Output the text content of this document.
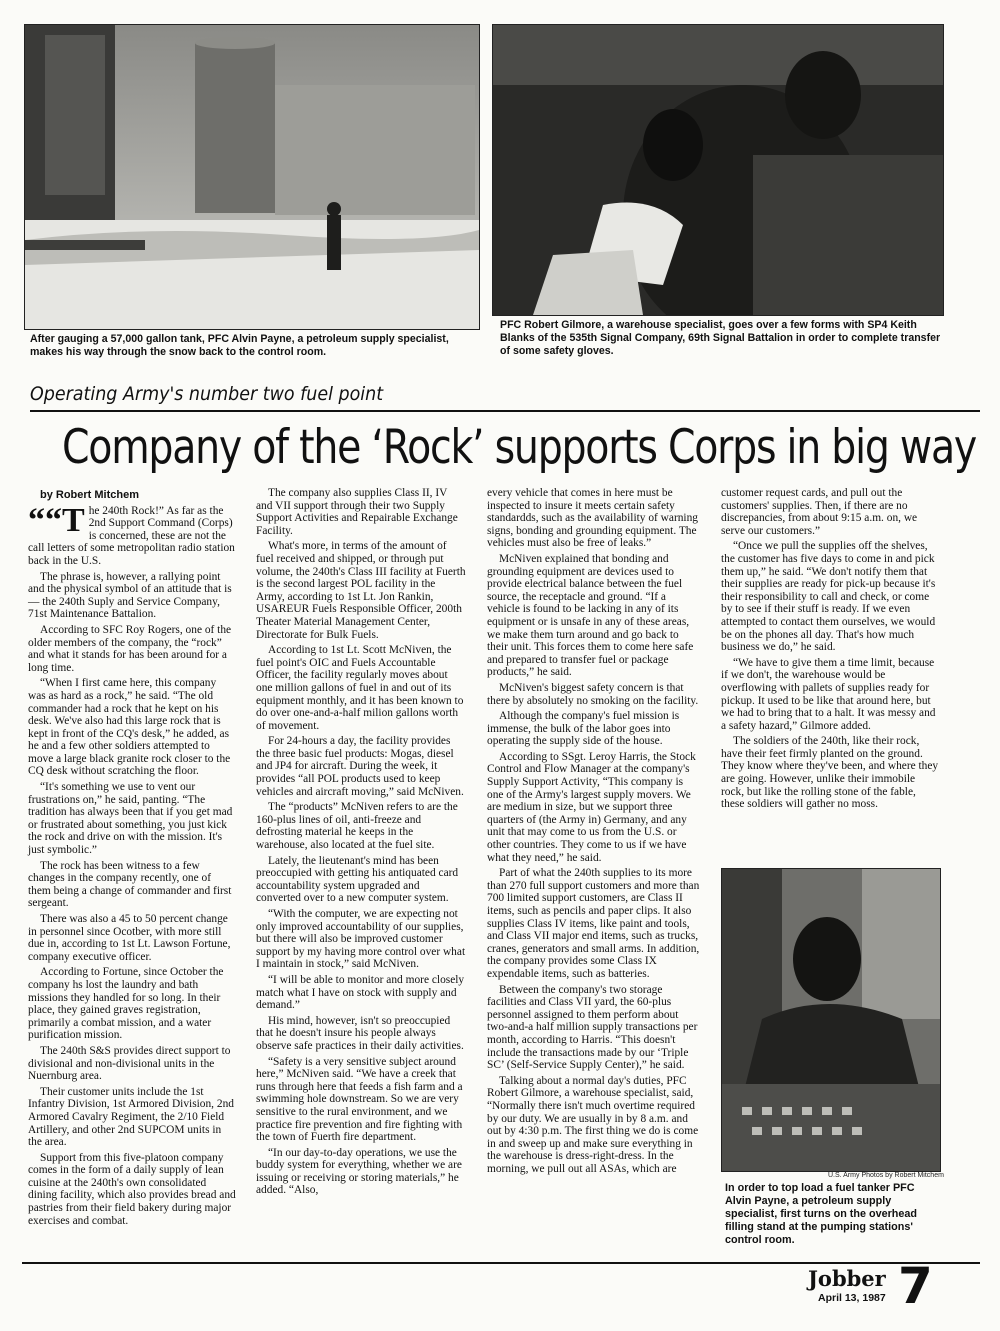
After gauging a 57,000 gallon tank, PFC Alvin Payne, a petroleum supply specialist, makes his way through the snow back to the control room.

PFC Robert Gilmore, a warehouse specialist, goes over a few forms with SP4 Keith Blanks of the 535th Signal Company, 69th Signal Battalion in order to complete transfer of some safety gloves.

Operating Army's number two fuel point

Company of the ‘Rock’ supports Corps in big way

by Robert Mitchem

““T he 240th Rock!” As far as the 2nd Support Command (Corps) is concerned, these are not the call letters of some metropolitan radio station back in the U.S.

The phrase is, however, a rallying point and the physical symbol of an attitude that is — the 240th Suply and Service Company, 71st Maintenance Battalion.

According to SFC Roy Rogers, one of the older members of the company, the “rock” and what it stands for has been around for a long time.

“When I first came here, this company was as hard as a rock,” he said. “The old commander had a rock that he kept on his desk. We've also had this large rock that is kept in front of the CQ's desk,” he added, as he and a few other soldiers attempted to move a large black granite rock closer to the CQ desk without scratching the floor.

“It's something we use to vent our frustrations on,” he said, panting. “The tradition has always been that if you get mad or frustrated about something, you just kick the rock and drive on with the mission. It's just symbolic.”

The rock has been witness to a few changes in the company recently, one of them being a change of commander and first sergeant.

There was also a 45 to 50 percent change in personnel since Ocotber, with more still due in, according to 1st Lt. Lawson Fortune, company executive officer.

According to Fortune, since October the company hs lost the laundry and bath missions they handled for so long. In their place, they gained graves registration, primarily a combat mission, and a water purification mission.

The 240th S&S provides direct support to divisional and non-divisional units in the Nuernburg area.

Their customer units include the 1st Infantry Division, 1st Armored Division, 2nd Armored Cavalry Regiment, the 2/10 Field Artillery, and other 2nd SUPCOM units in the area.

Support from this five-platoon company comes in the form of a daily supply of lean cuisine at the 240th's own consolidated dining facility, which also provides bread and pastries from their field bakery during major exercises and combat.

The company also supplies Class II, IV and VII support through their two Supply Support Activities and Repairable Exchange Facility.

What's more, in terms of the amount of fuel received and shipped, or through put volume, the 240th's Class III facility at Fuerth is the second largest POL facility in the Army, according to 1st Lt. Jon Rankin, USAREUR Fuels Responsible Officer, 200th Theater Material Management Center, Directorate for Bulk Fuels.

According to 1st Lt. Scott McNiven, the fuel point's OIC and Fuels Accountable Officer, the facility regularly moves about one million gallons of fuel in and out of its equipment monthly, and it has been known to do over one-and-a-half milion gallons worth of movement.

For 24-hours a day, the facility provides the three basic fuel products: Mogas, diesel and JP4 for aircraft. During the week, it provides “all POL products used to keep vehicles and aircraft moving,” said McNiven.

The “products” McNiven refers to are the 160-plus lines of oil, anti-freeze and defrosting material he keeps in the warehouse, also located at the fuel site.

Lately, the lieutenant's mind has been preoccupied with getting his antiquated card accountability system upgraded and converted over to a new computer system.

“With the computer, we are expecting not only improved accountability of our supplies, but there will also be improved customer support by my having more control over what I maintain in stock,” said McNiven.

“I will be able to monitor and more closely match what I have on stock with supply and demand.”

His mind, however, isn't so preoccupied that he doesn't insure his people always observe safe practices in their daily activities.

“Safety is a very sensitive subject around here,” McNiven said. “We have a creek that runs through here that feeds a fish farm and a swimming hole downstream. So we are very sensitive to the rural environment, and we practice fire prevention and fire fighting with the town of Fuerth fire department.

“In our day-to-day operations, we use the buddy system for everything, whether we are issuing or receiving or storing materials,” he added. “Also,

every vehicle that comes in here must be inspected to insure it meets certain safety standardds, such as the availability of warning signs, bonding and grounding equipment. The vehicles must also be free of leaks.”

McNiven explained that bonding and grounding equipment are devices used to provide electrical balance between the fuel source, the receptacle and ground. “If a vehicle is found to be lacking in any of its equipment or is unsafe in any of these areas, we make them turn around and go back to their unit. This forces them to come here safe and prepared to transfer fuel or package products,” he said.

McNiven's biggest safety concern is that there by absolutely no smoking on the facility.

Although the company's fuel mission is immense, the bulk of the labor goes into operating the supply side of the house.

According to SSgt. Leroy Harris, the Stock Control and Flow Manager at the company's Supply Support Activity, “This company is one of the Army's largest supply movers. We are medium in size, but we support three quarters of (the Army in) Germany, and any unit that may come to us from the U.S. or other countries. They come to us if we have what they need,” he said.

Part of what the 240th supplies to its more than 270 full support customers and more than 700 limited support customers, are Class II items, such as pencils and paper clips. It also supplies Class IV items, like paint and tools, and Class VII major end items, such as trucks, cranes, generators and small arms. In addition, the company provides some Class IX expendable items, such as batteries.

Between the company's two storage facilities and Class VII yard, the 60-plus personnel assigned to them perform about two-and-a half million supply transactions per month, according to Harris. “This doesn't include the transactions made by our ‘Triple SC’ (Self-Service Supply Center),” he said.

Talking about a normal day's duties, PFC Robert Gilmore, a warehouse specialist, said, “Normally there isn't much overtime required by our duty. We are usually in by 8 a.m. and out by 4:30 p.m. The first thing we do is come in and sweep up and make sure everything in the warehouse is dress-right-dress. In the morning, we pull out all ASAs, which are

customer request cards, and pull out the customers' supplies. Then, if there are no discrepancies, from about 9:15 a.m. on, we serve our customers.”

“Once we pull the supplies off the shelves, the customer has five days to come in and pick them up,” he said. “We don't notify them that their supplies are ready for pick-up because it's their responsibility to call and check, or come by to see if their stuff is ready. If we even attempted to contact them ourselves, we would be on the phones all day. That's how much business we do,” he said.

“We have to give them a time limit, because if we don't, the warehouse would be overflowing with pallets of supplies ready for pickup. It used to be like that around here, but we had to bring that to a halt. It was messy and a safety hazard,” Gilmore added.

The soldiers of the 240th, like their rock, have their feet firmly planted on the ground. They know where they've been, and where they are going. However, unlike their immobile rock, but like the rolling stone of the fable, these soldiers will gather no moss.

U.S. Army Photos by Robert Mitchem

In order to top load a fuel tanker PFC Alvin Payne, a petroleum supply specialist, first turns on the overhead filling stand at the pumping stations' control room.

Jobber 7

April 13, 1987
